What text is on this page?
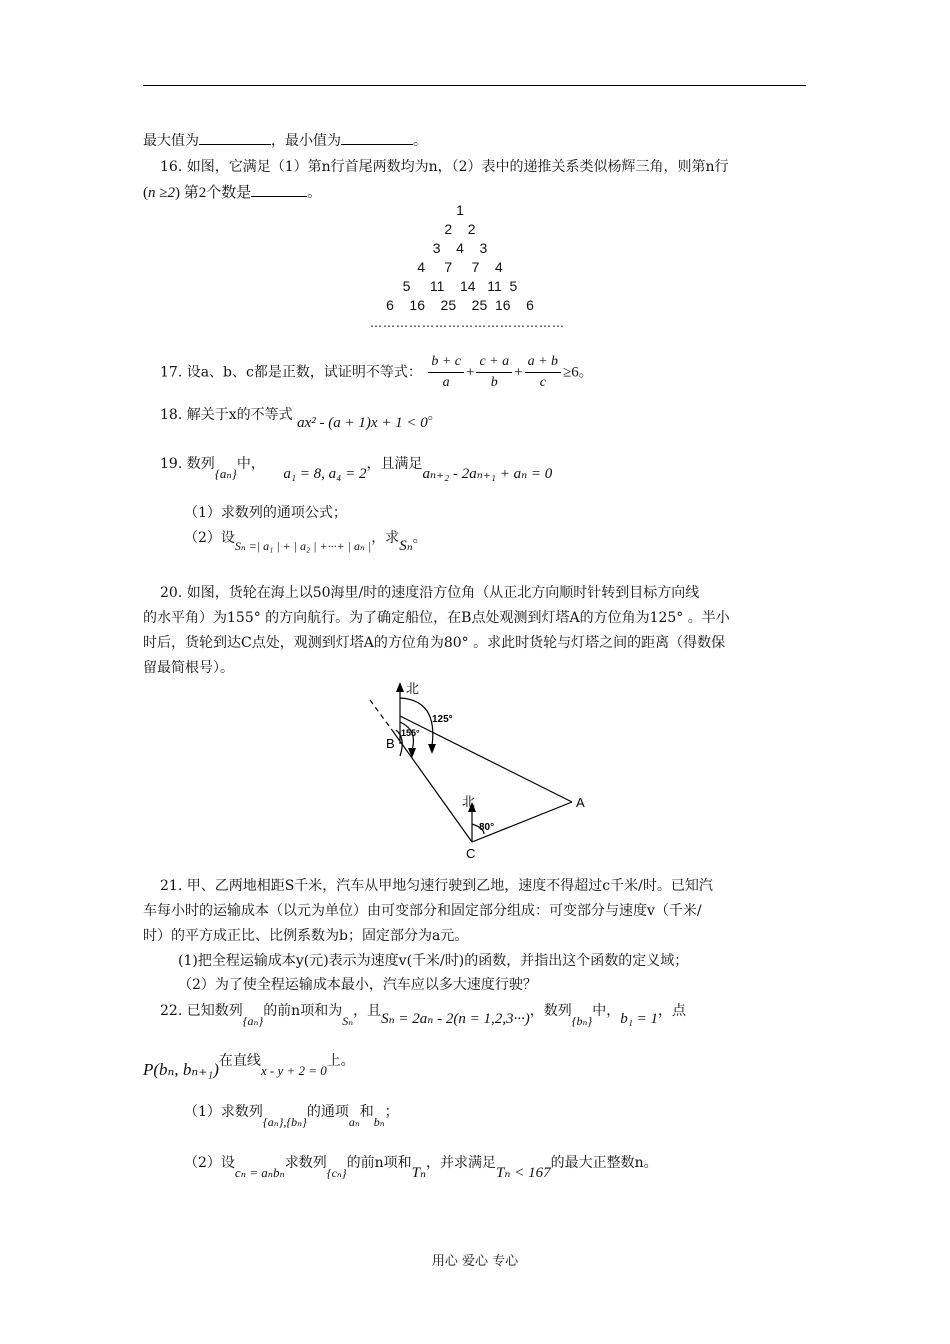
最大值为	，最小值为	。
16. 如图，它满足（1）第n行首尾两数均为n，（2）表中的递推关系类似杨辉三角，则第n行
(n ≥2) 第2个数是	。
1
2    2
3    4    3
4     7     7    4
5     11    14   11  5
6    16    25    25  16    6
………………………………………
17. 设a、b、c都是正数，试证明不等式： $\frac{b + c}{a} + \frac{c + a}{b} + \frac{a + b}{c} \ge 6$。
18. 解关于x的不等式 ax² - (a + 1)x + 1 < 0。
19. 数列{aₙ}中， a₁ = 8, a₄ = 2，且满足aₙ₊₂ - 2aₙ₊₁ + aₙ = 0
（1）求数列的通项公式；
（2）设Sₙ =| a₁ | + | a₂ | +···+ | aₙ |，求Sₙ。
20. 如图，货轮在海上以50海里/时的速度沿方位角（从正北方向顺时针转到目标方向线
的水平角）为155° 的方向航行。为了确定船位，在B点处观测到灯塔A的方位角为125° 。半小
时后，货轮到达C点处，观测到灯塔A的方位角为80° 。求此时货轮与灯塔之间的距离（得数保
留最简根号）。
北
125°
155°
B
北
80°
A
C
21. 甲、乙两地相距S千米，汽车从甲地匀速行驶到乙地，速度不得超过c千米/时。已知汽
车每小时的运输成本（以元为单位）由可变部分和固定部分组成：可变部分与速度v（千米/
时）的平方成正比、比例系数为b；固定部分为a元。
(1)把全程运输成本y(元)表示为速度v(千米/时)的函数，并指出这个函数的定义域；
（2）为了使全程运输成本最小，汽车应以多大速度行驶？
22. 已知数列{aₙ}的前n项和为Sₙ，且Sₙ = 2aₙ - 2(n = 1,2,3···)，数列{bₙ}中，b₁ = 1，点
P(bₙ, bₙ₊₁)在直线x - y + 2 = 0上。
（1）求数列{aₙ},{bₙ}的通项aₙ和bₙ；
（2）设cₙ = aₙbₙ求数列{cₙ}的前n项和Tₙ，并求满足Tₙ < 167的最大正整数n。
用心 爱心 专心
